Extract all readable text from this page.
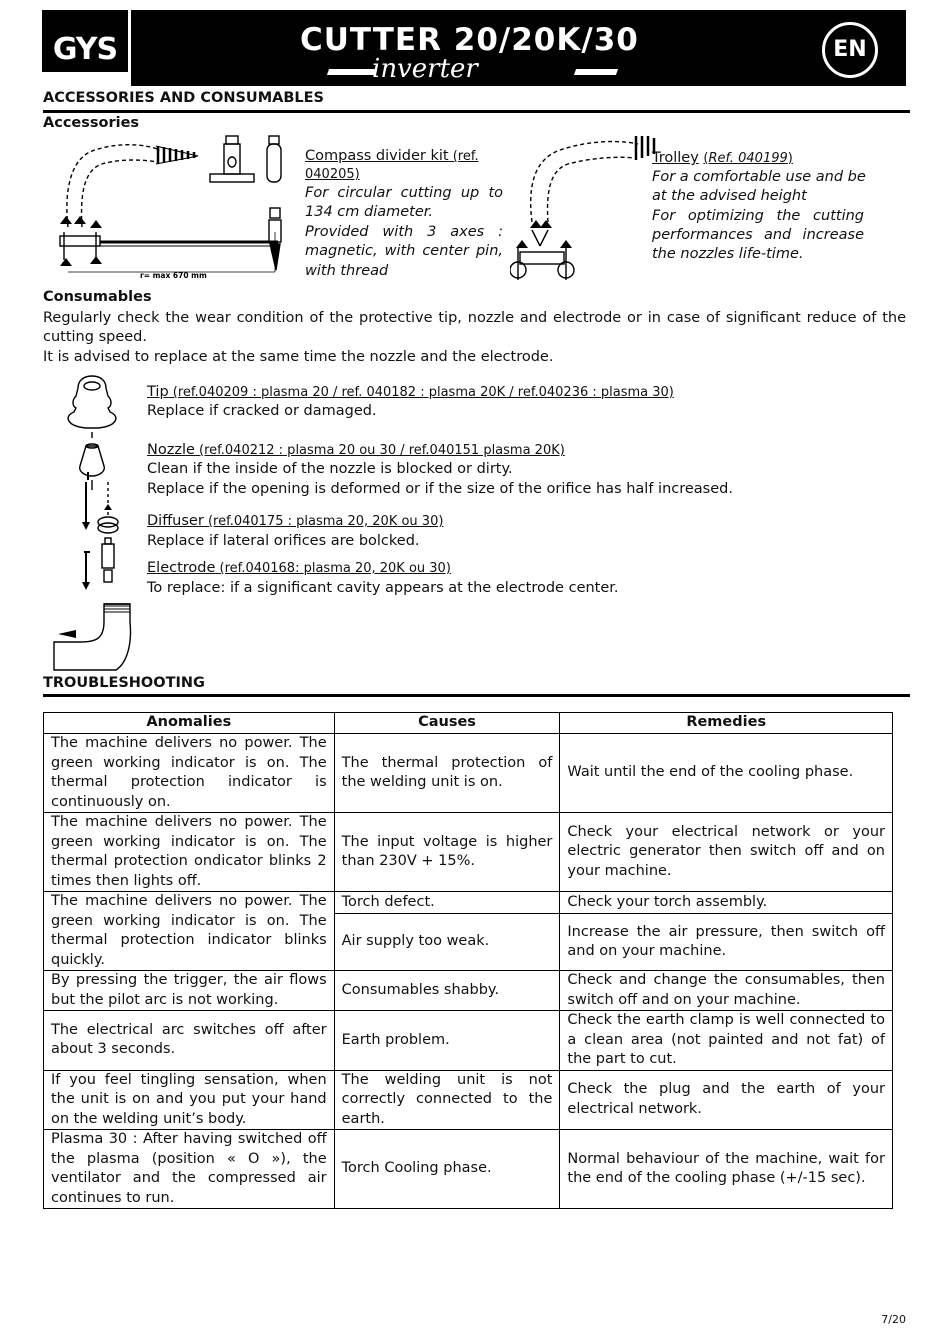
GYS	CUTTER 20/20K/30
inverter
EN
ACCESSORIES AND CONSUMABLES
Accessories
r= max 670 mm
Compass divider kit (ref.
040205)
For circular cutting up to
134 cm diameter.
Provided with 3 axes :
magnetic, with center pin,
with thread
Trolley (Ref. 040199)
For a comfortable use and be
at the advised height
For optimizing the cutting
performances and increase
the nozzles life-time.
Consumables
Regularly check the wear condition of the protective tip, nozzle and electrode or in case of significant reduce of the
cutting speed.
It is advised to replace at the same time the nozzle and the electrode.
Tip (ref.040209 : plasma 20 / ref. 040182 : plasma 20K / ref.040236 : plasma 30)
Replace if cracked or damaged.
Nozzle (ref.040212 : plasma 20 ou 30 / ref.040151 plasma 20K)
Clean if the inside of the nozzle is blocked or dirty.
Replace if the opening is deformed or if the size of the orifice has half increased.
Diffuser (ref.040175 : plasma 20, 20K ou 30)
Replace if lateral orifices are bolcked.
Electrode (ref.040168: plasma 20, 20K ou 30)
To replace: if a significant cavity appears at the electrode center.
TROUBLESHOOTING
Anomalies	Causes	Remedies
The machine delivers no power. The green working indicator is on. The thermal protection indicator is continuously on.	The thermal protection of the welding unit is on.	Wait until the end of the cooling phase.
The machine delivers no power. The green working indicator is on. The thermal protection ondicator blinks 2 times then lights off.	The input voltage is higher than 230V + 15%.	Check your electrical network or your electric generator then switch off and on your machine.
The machine delivers no power. The green working indicator is on. The thermal protection indicator blinks quickly.	Torch defect.	Check your torch assembly.
	Air supply too weak.	Increase the air pressure, then switch off and on your machine.
By pressing the trigger, the air flows but the pilot arc is not working.	Consumables shabby.	Check and change the consumables, then switch off and on your machine.
The electrical arc switches off after about 3 seconds.	Earth problem.	Check the earth clamp is well connected to a clean area (not painted and not fat) of the part to cut.
If you feel tingling sensation, when the unit is on and you put your hand on the welding unit’s body.	The welding unit is not correctly connected to the earth.	Check the plug and the earth of your electrical network.
Plasma 30 : After having switched off the plasma (position « O »), the ventilator and the compressed air continues to run.	Torch Cooling phase.	Normal behaviour of the machine, wait for the end of the cooling phase (+/-15 sec).
7/20
